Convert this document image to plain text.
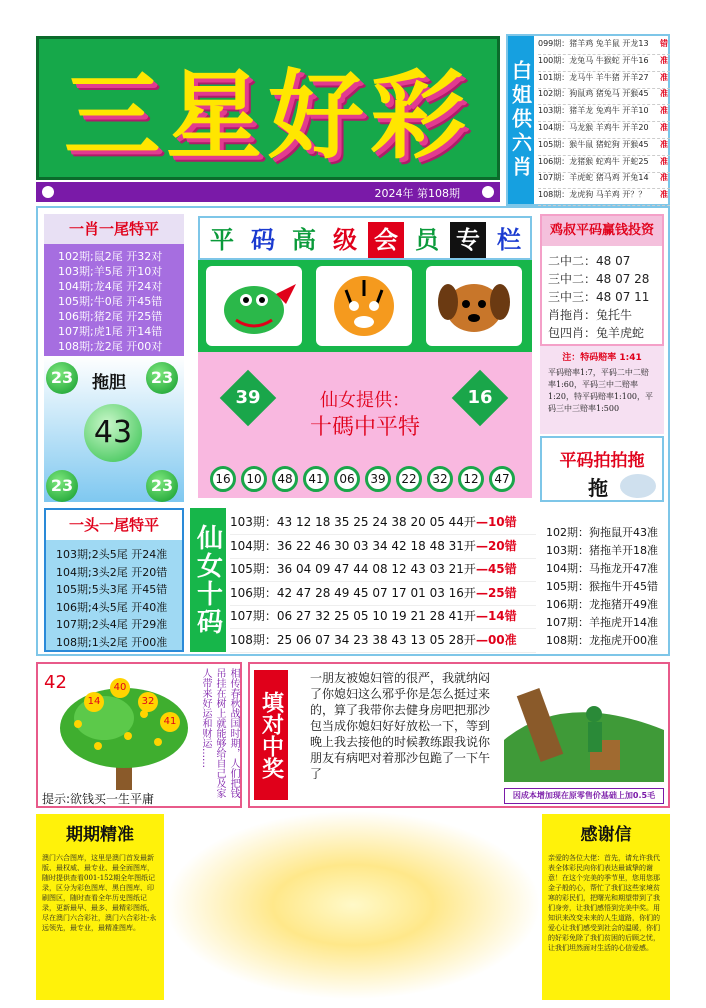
三星好彩
2024年 第108期
白姐供六肖
099期：猪羊鸡 兔羊鼠 开龙13 错
100期：龙兔马 牛猴蛇 开牛16 准
101期：龙马牛 羊牛猪 开羊27 准
102期：狗鼠鸡 猪兔马 开猴45 准
103期：猪羊龙 兔鸡牛 开羊10 准
104期：马龙猴 羊鸡牛 开羊20 准
105期：猴牛鼠 猪蛇狗 开猴45 准
106期：龙猪猴 蛇鸡牛 开蛇25 准
107期：羊虎蛇 猪马鸡 开兔14 准
108期：龙虎狗 马羊鸡 开？？ 准
一肖一尾特平
102期;鼠2尾 开32对
103期;羊5尾 开10对
104期;龙4尾 开24对
105期;牛0尾 开45错
106期;猪2尾 开25错
107期;虎1尾 开14错
108期;龙2尾 开00对
23	23
23	23
拖胆
43
平 码 高 级 会 员 专 栏
39	16
仙女提供：
十碼中平特
16	10	48	41	06	39	22	32	12	47
鸡叔平码赢钱投资
二中二：48 07
三中二：48 07 28
三中三：48 07 11
肖拖肖：兔托牛
包四肖：兔羊虎蛇
注：特码赔率 1:41
平码赔率1:7，平码二中二赔率1:60，平码三中二赔率1:20，特平码赔率1:100，平码三中三赔率1:500
平码拍拍拖
拖
一头一尾特平
103期;2头5尾 开24准
104期;3头2尾 开20错
105期;5头3尾 开45错
106期;4头5尾 开40准
107期;2头4尾 开29准
108期;1头2尾 开00准
仙女十码
103期：43 12 18 35 25 24 38 20 05 44开—10错
104期：36 22 46 30 03 34 42 18 48 31开—20错
105期：36 04 09 47 44 08 12 43 03 21开—45错
106期：42 47 28 49 45 07 17 01 03 16开—25错
107期：06 27 32 25 05 10 19 21 28 41开—14错
108期：25 06 07 34 23 38 43 13 05 28开—00准
102期：狗拖鼠开43准
103期：猪拖羊开18准
104期：马拖龙开47准
105期：猴拖牛开45错
106期：龙拖猪开49准
107期：羊拖虎开14准
108期：龙拖虎开00准
42
14
40
32
41
提示:欲钱买一生平庸
相传春秋战国时期，人们把钱吊挂在树上就能够给自己及家人带来好运和财运……	填对中奖
一朋友被媳妇管的很严，我就纳闷了你媳妇这么邪乎你是怎么挺过来的，算了我带你去健身房吧把那沙包当成你媳妇好好放松一下，等到晚上我去接他的时候教练跟我说你朋友有病吧对着那沙包跪了一下午了
因成本增加现在原零售价基础上加0.5毛
期期精准
澳门六合图库，这里是澳门首发最新版、最权威、最专业、最全面图库，随时提供查看001-152期全年图纸记录，区分为彩色图库、黑白图库、印刷图区，随时查看全年历史图纸记录，更新最早、最多、最精彩图纸，尽在澳门六合彩社，澳门六合彩社-永远领先，最专业，最精准图库。
感谢信
亲爱的各位大佬：首先，请允许我代表全体彩民向你们表达最诚挚的谢意！在这个完美的季节里，您用您那金子般的心，帮忙了我们这些家境贫寒的彩民们，把曙光和期望带到了我们身旁，让我们感悟到完美中奖。用知识来改变未来的人生道路，你们的爱心让我们感受到社会的温暖，你们的好彩免除了我们贫困的后顾之忧，让我们坦然面对生活的心信爱感。
